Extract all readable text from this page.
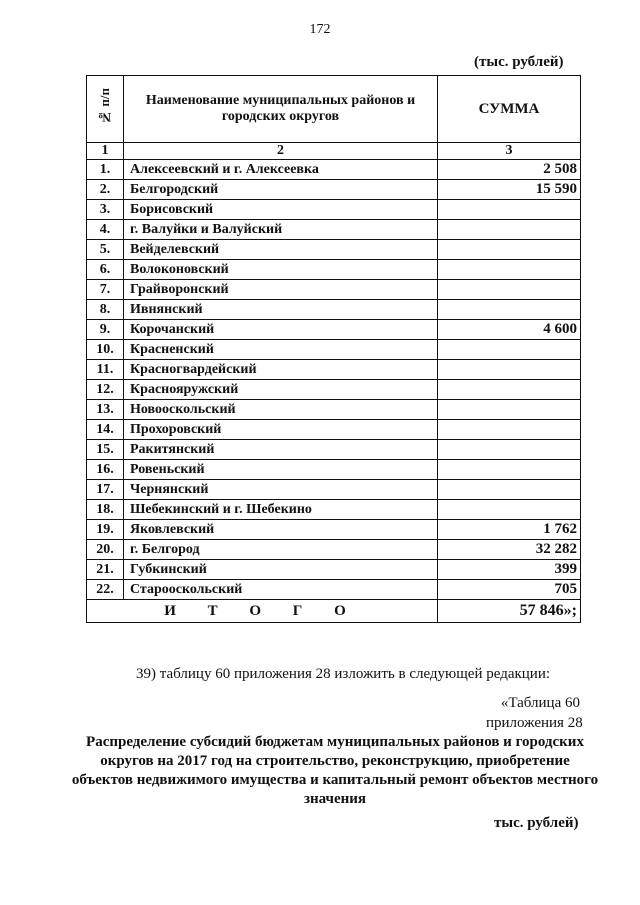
172
(тыс. рублей)
№ п/п	Наименование муниципальных районов и городских округов	СУММА
1	2	3
1.	Алексеевский и г. Алексеевка	2 508
2.	Белгородский	15 590
3.	Борисовский	
4.	г. Валуйки и Валуйский	
5.	Вейделевский	
6.	Волоконовский	
7.	Грайворонский	
8.	Ивнянский	
9.	Корочанский	4 600
10.	Красненский	
11.	Красногвардейский	
12.	Краснояружский	
13.	Новооскольский	
14.	Прохоровский	
15.	Ракитянский	
16.	Ровеньский	
17.	Чернянский	
18.	Шебекинский и г. Шебекино	
19.	Яковлевский	1 762
20.	г. Белгород	32 282
21.	Губкинский	399
22.	Старооскольский	705
И Т О Г О		57 846»;
39) таблицу 60 приложения 28 изложить в следующей редакции:
«Таблица 60
приложения 28
Распределение субсидий бюджетам муниципальных районов и городских округов на 2017 год на строительство, реконструкцию, приобретение объектов недвижимого имущества и капитальный ремонт объектов местного значения
тыс. рублей)
